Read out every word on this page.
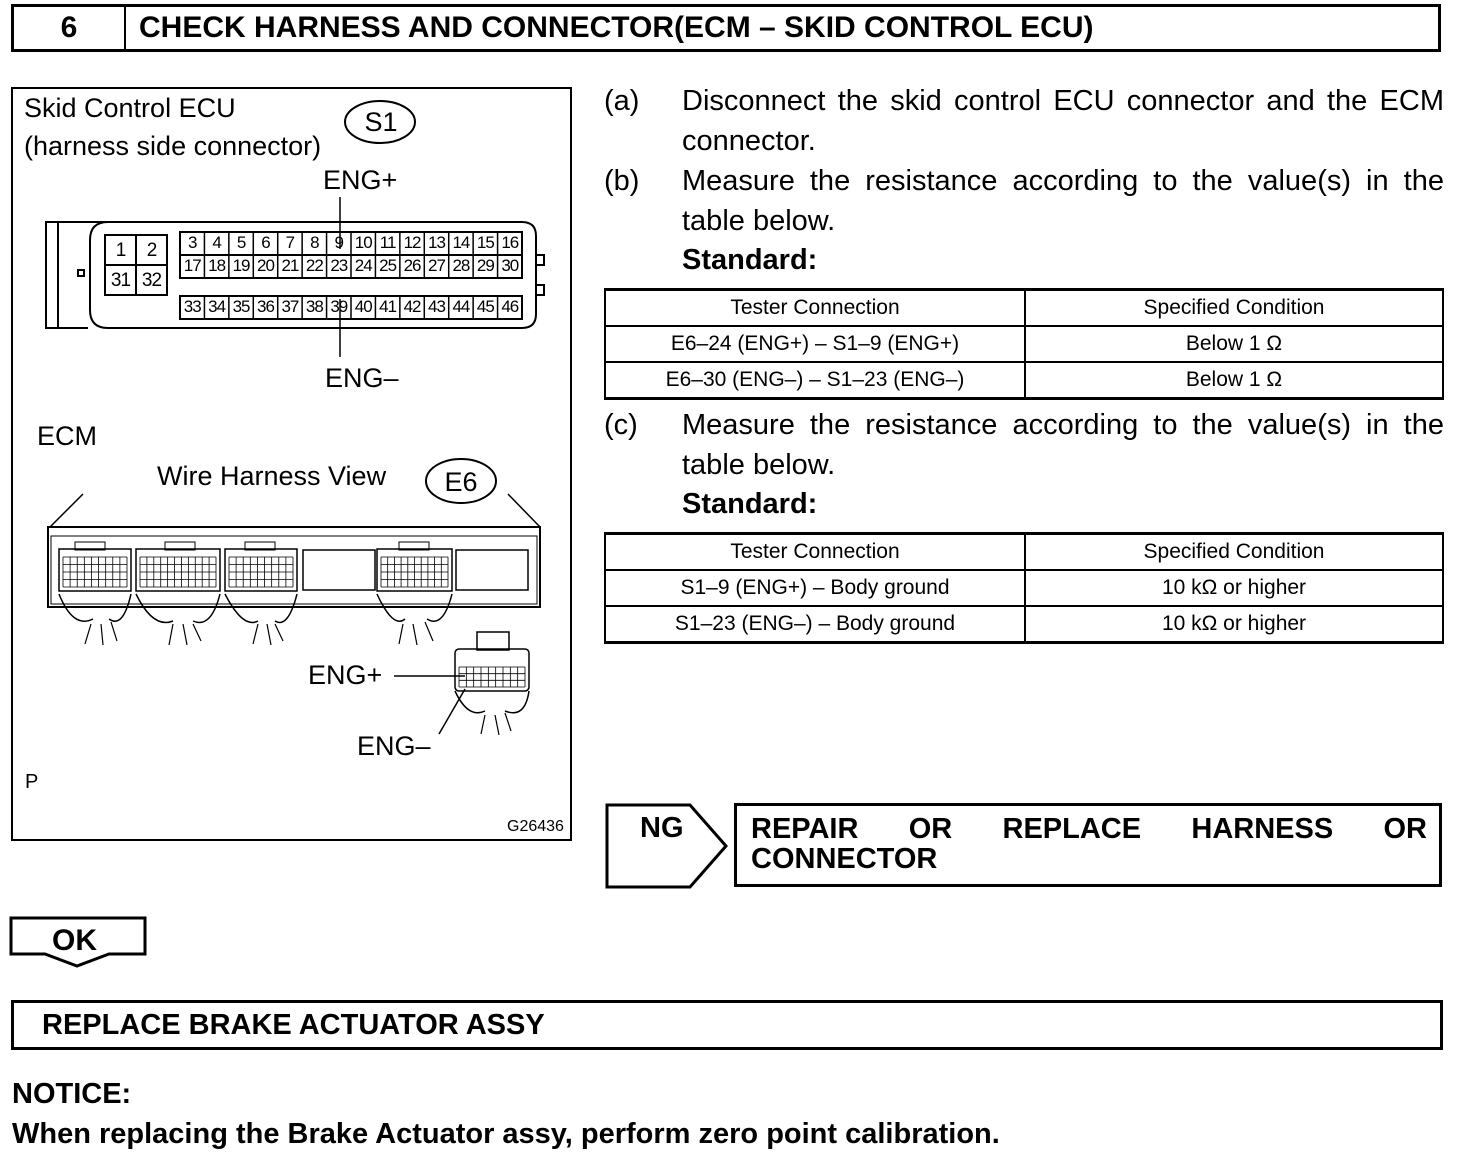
6	CHECK HARNESS AND CONNECTOR(ECM – SKID CONTROL ECU)
Skid Control ECU
(harness side connector)
ENG+
ENG–
S1
1	2
31 32
3 4 5 6 7 8 9 10 11 12 13 14 15 16
17 18 19 20 21 22 23 24 25 26 27 28 29 30
33 34 35 36 37 38 39 40 41 42 43 44 45 46
ECM
Wire Harness View E6
ENG+
ENG–
P
G26436
(a) Disconnect the skid control ECU connector and the ECM connector.
(b) Measure the resistance according to the value(s) in the table below.
Standard:
Tester Connection	Specified Condition
E6–24 (ENG+) – S1–9 (ENG+)	Below 1 Ω
E6–30 (ENG–) – S1–23 (ENG–)	Below 1 Ω
(c) Measure the resistance according to the value(s) in the table below.
Standard:
Tester Connection	Specified Condition
S1–9 (ENG+) – Body ground	10 kΩ or higher
S1–23 (ENG–) – Body ground	10 kΩ or higher
NG REPAIR OR REPLACE HARNESS OR
CONNECTOR
OK
REPLACE BRAKE ACTUATOR ASSY
NOTICE:
When replacing the Brake Actuator assy, perform zero point calibration.
